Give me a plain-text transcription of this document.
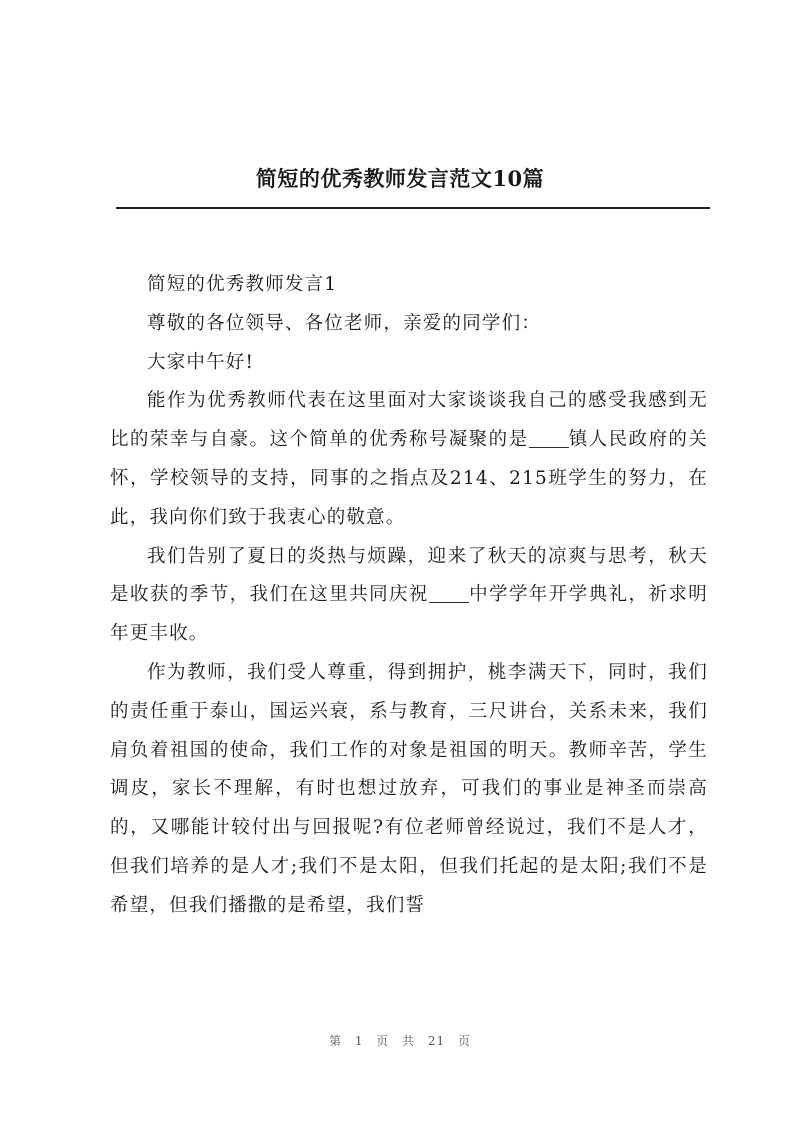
简短的优秀教师发言范文10篇

简短的优秀教师发言1

尊敬的各位领导、各位老师，亲爱的同学们：

大家中午好!

能作为优秀教师代表在这里面对大家谈谈我自己的感受我感到无比的荣幸与自豪。这个简单的优秀称号凝聚的是 镇人民政府的关怀，学校领导的支持，同事的之指点及214、215班学生的努力，在此，我向你们致于我衷心的敬意。

我们告别了夏日的炎热与烦躁，迎来了秋天的凉爽与思考，秋天是收获的季节，我们在这里共同庆祝 中学学年开学典礼，祈求明年更丰收。

作为教师，我们受人尊重，得到拥护，桃李满天下，同时，我们的责任重于泰山，国运兴衰，系与教育，三尺讲台，关系未来，我们肩负着祖国的使命，我们工作的对象是祖国的明天。教师辛苦，学生调皮，家长不理解，有时也想过放弃，可我们的事业是神圣而崇高的，又哪能计较付出与回报呢?有位老师曾经说过，我们不是人才，但我们培养的是人才;我们不是太阳，但我们托起的是太阳;我们不是希望，但我们播撒的是希望，我们誓

第 1 页 共 21 页
